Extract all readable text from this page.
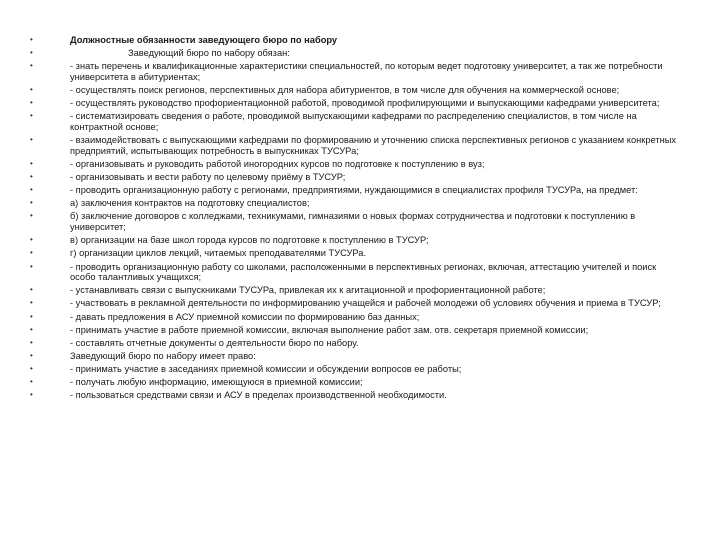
•	Должностные обязанности заведующего бюро по набору
•	Заведующий бюро по набору обязан:
•	- знать перечень и квалификационные характеристики специальностей, по которым ведет подготовку университет, а так же потребности университета в абитуриентах;
•	- осуществлять поиск регионов, перспективных для набора абитуриентов, в том числе для обучения на коммерческой основе;
•	- осуществлять руководство профориентационной работой, проводимой профилирующими и выпускающими кафедрами университета;
•	- систематизировать сведения о работе, проводимой выпускающими кафедрами по распределению специалистов, в том числе на контрактной основе;
•	- взаимодействовать с выпускающими кафедрами по формированию и уточнению списка перспективных регионов с указанием конкретных предприятий, испытывающих потребность в выпускниках ТУСУРа;
•	- организовывать и руководить работой иногородних курсов по подготовке к поступлению в вуз;
•	- организовывать и вести работу по целевому приёму в ТУСУР;
•	- проводить организационную работу с регионами, предприятиями, нуждающимися в специалистах профиля ТУСУРа, на предмет:
•	а) заключения контрактов на подготовку специалистов;
•	б) заключение договоров с колледжами, техникумами, гимназиями о новых формах сотрудничества и подготовки к поступлению в университет;
•	в) организации на базе школ города курсов по подготовке к поступлению в ТУСУР;
•	г) организации циклов лекций, читаемых преподавателями ТУСУРа.
•	- проводить организационную работу со школами, расположенными в перспективных регионах, включая, аттестацию учителей и поиск особо талантливых учащихся;
•	- устанавливать связи с выпускниками ТУСУРа, привлекая их к агитационной и профориентационной работе;
•	- участвовать в рекламной деятельности по информированию учащейся и рабочей молодежи об условиях обучения и приема в ТУСУР;
•	- давать предложения в АСУ приемной комиссии по формированию баз данных;
•	- принимать участие в работе приемной комиссии, включая выполнение работ зам. отв. секретаря приемной комиссии;
•	- составлять отчетные документы о деятельности бюро по набору.
•	Заведующий бюро по набору имеет право:
•	- принимать участие в заседаниях приемной комиссии и обсуждении вопросов ее работы;
•	- получать любую информацию, имеющуюся в приемной комиссии;
•	- пользоваться средствами связи и АСУ в пределах производственной необходимости.
